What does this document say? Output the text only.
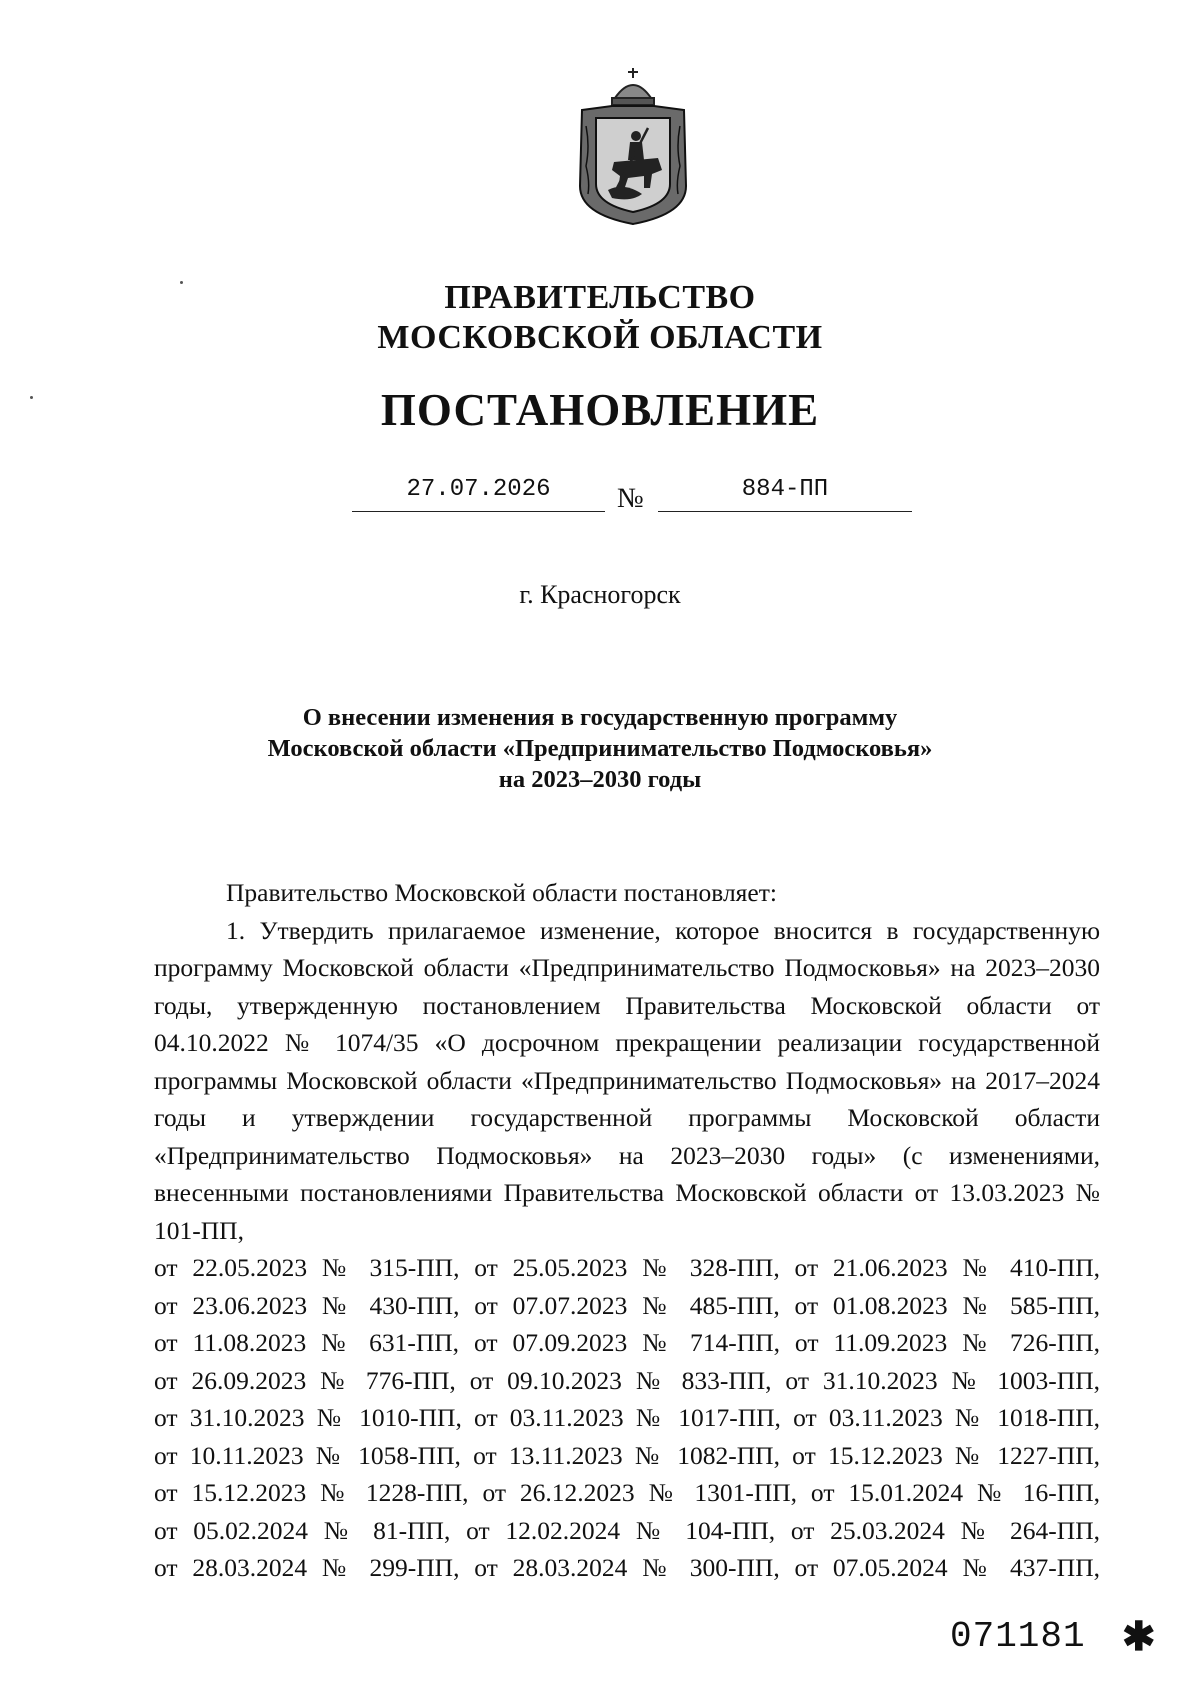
ПРАВИТЕЛЬСТВО
МОСКОВСКОЙ ОБЛАСТИ
ПОСТАНОВЛЕНИЕ
27.07.2026	№	884-ПП
г. Красногорск
О внесении изменения в государственную программу
Московской области «Предпринимательство Подмосковья»
на 2023–2030 годы

Правительство Московской области постановляет:

1. Утвердить прилагаемое изменение, которое вносится в государственную программу Московской области «Предпринимательство Подмосковья» на 2023–2030 годы, утвержденную постановлением Правительства Московской области от 04.10.2022 № 1074/35 «О досрочном прекращении реализации государственной программы Московской области «Предпринимательство Подмосковья» на 2017–2024 годы и утверждении государственной программы Московской области «Предпринимательство Подмосковья» на 2023–2030 годы» (с изменениями, внесенными постановлениями Правительства Московской области от 13.03.2023 № 101-ПП,

от 22.05.2023 № 315-ПП, от 25.05.2023 № 328-ПП, от 21.06.2023 № 410-ПП,

от 23.06.2023 № 430-ПП, от 07.07.2023 № 485-ПП, от 01.08.2023 № 585-ПП,

от 11.08.2023 № 631-ПП, от 07.09.2023 № 714-ПП, от 11.09.2023 № 726-ПП,

от 26.09.2023 № 776-ПП, от 09.10.2023 № 833-ПП, от 31.10.2023 № 1003-ПП,

от 31.10.2023 № 1010-ПП, от 03.11.2023 № 1017-ПП, от 03.11.2023 № 1018-ПП,

от 10.11.2023 № 1058-ПП, от 13.11.2023 № 1082-ПП, от 15.12.2023 № 1227-ПП,

от 15.12.2023 № 1228-ПП, от 26.12.2023 № 1301-ПП, от 15.01.2024 № 16-ПП,

от 05.02.2024 № 81-ПП, от 12.02.2024 № 104-ПП, от 25.03.2024 № 264-ПП,

от 28.03.2024 № 299-ПП, от 28.03.2024 № 300-ПП, от 07.05.2024 № 437-ПП,

071181 ✱
